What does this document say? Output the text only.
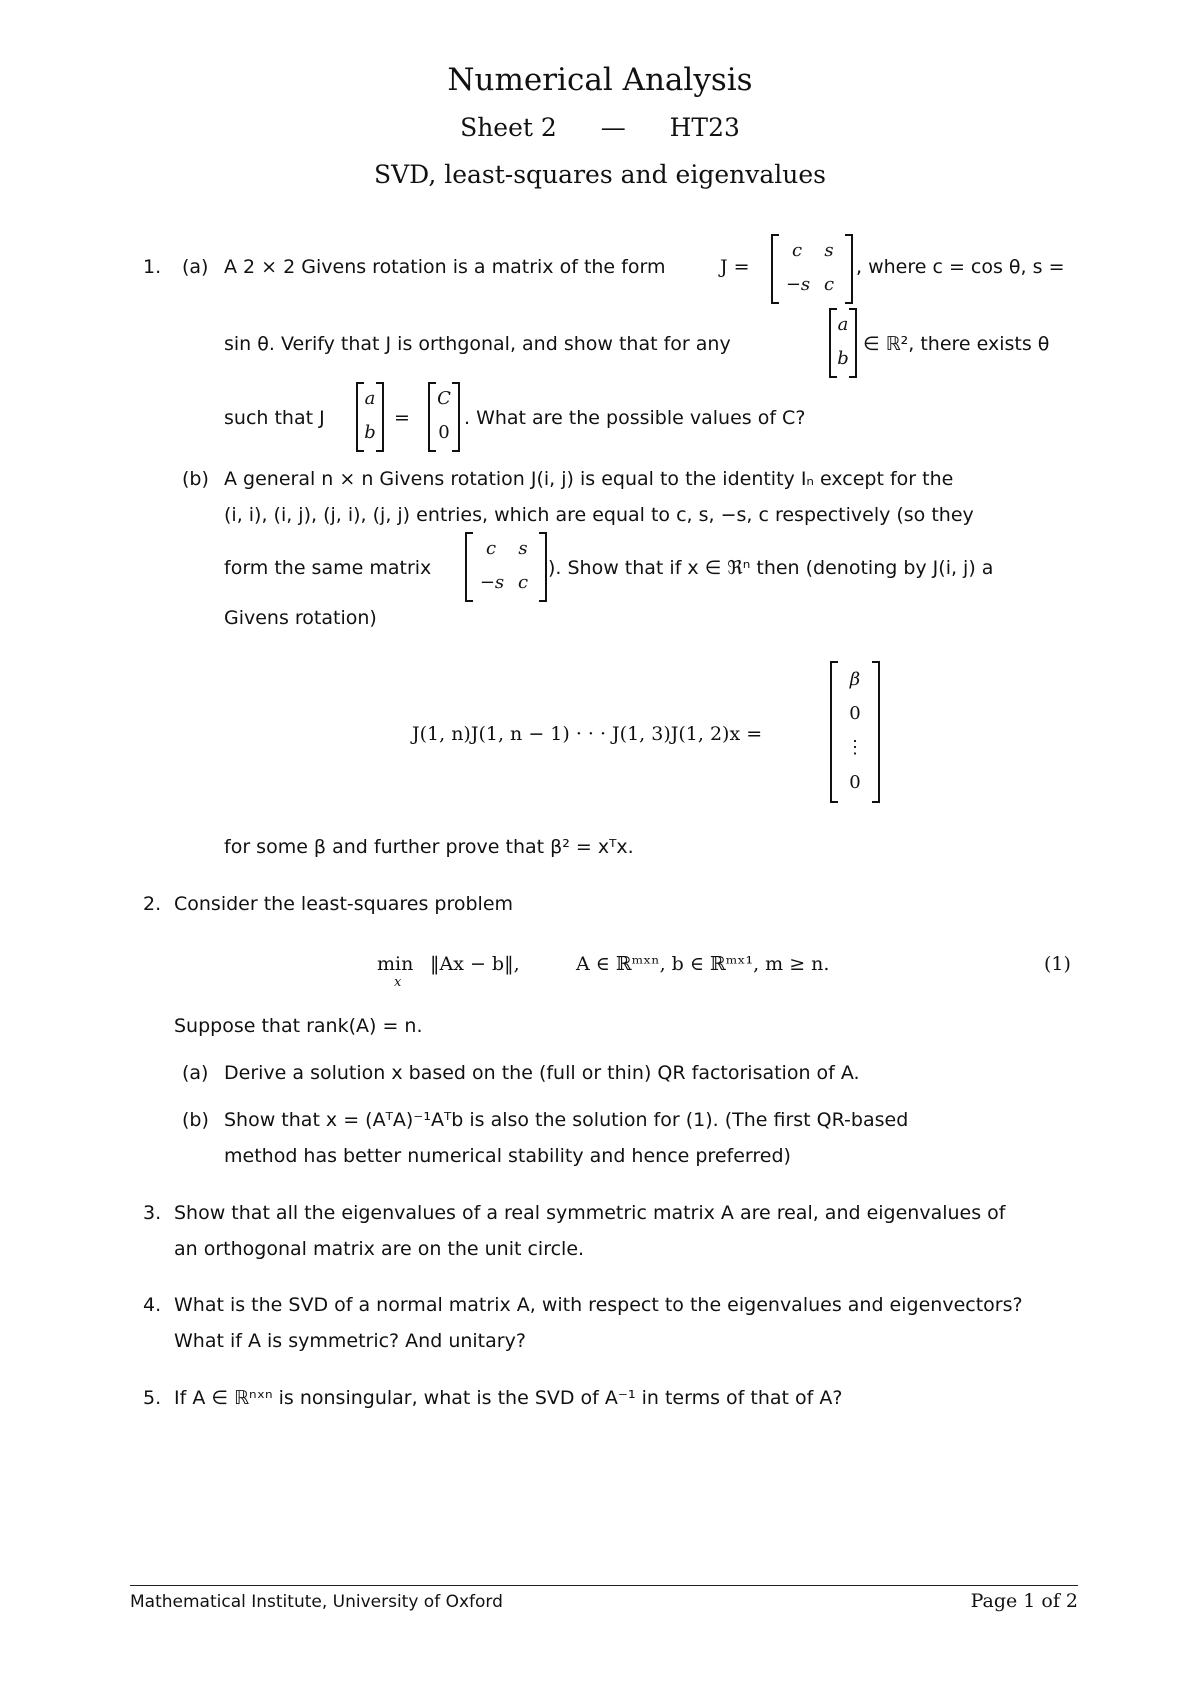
Numerical Analysis
Sheet 2 — HT23
SVD, least-squares and eigenvalues
1. (a) A 2 × 2 Givens rotation is a matrix of the form	J =
c	s
−s c
, where c = cos θ, s =
sin θ. Verify that J is orthgonal, and show that for any
a
b
∈ ℝ², there exists θ
such that J
a
b
=
C
0
. What are the possible values of C?
(b) A general n × n Givens rotation J(i, j) is equal to the identity Iₙ except for the
(i, i), (i, j), (j, i), (j, j) entries, which are equal to c, s, −s, c respectively (so they
form the same matrix
c	s
−s c
). Show that if x ∈ ℜⁿ then (denoting by J(i, j) a
Givens rotation)
J(1, n)J(1, n − 1) · · · J(1, 3)J(1, 2)x =
β
0
⋮
0
for some β and further prove that β² = xᵀx.
2. Consider the least-squares problem
min
x
‖Ax − b‖,	A ∈ ℝᵐˣⁿ, b ∈ ℝᵐˣ¹, m ≥ n.	(1)
Suppose that rank(A) = n.
(a) Derive a solution x based on the (full or thin) QR factorisation of A.
(b) Show that x = (AᵀA)⁻¹Aᵀb is also the solution for (1). (The first QR-based
method has better numerical stability and hence preferred)
3. Show that all the eigenvalues of a real symmetric matrix A are real, and eigenvalues of
an orthogonal matrix are on the unit circle.
4. What is the SVD of a normal matrix A, with respect to the eigenvalues and eigenvectors?
What if A is symmetric? And unitary?
5. If A ∈ ℝⁿˣⁿ is nonsingular, what is the SVD of A⁻¹ in terms of that of A?
Mathematical Institute, University of Oxford	Page 1 of 2
